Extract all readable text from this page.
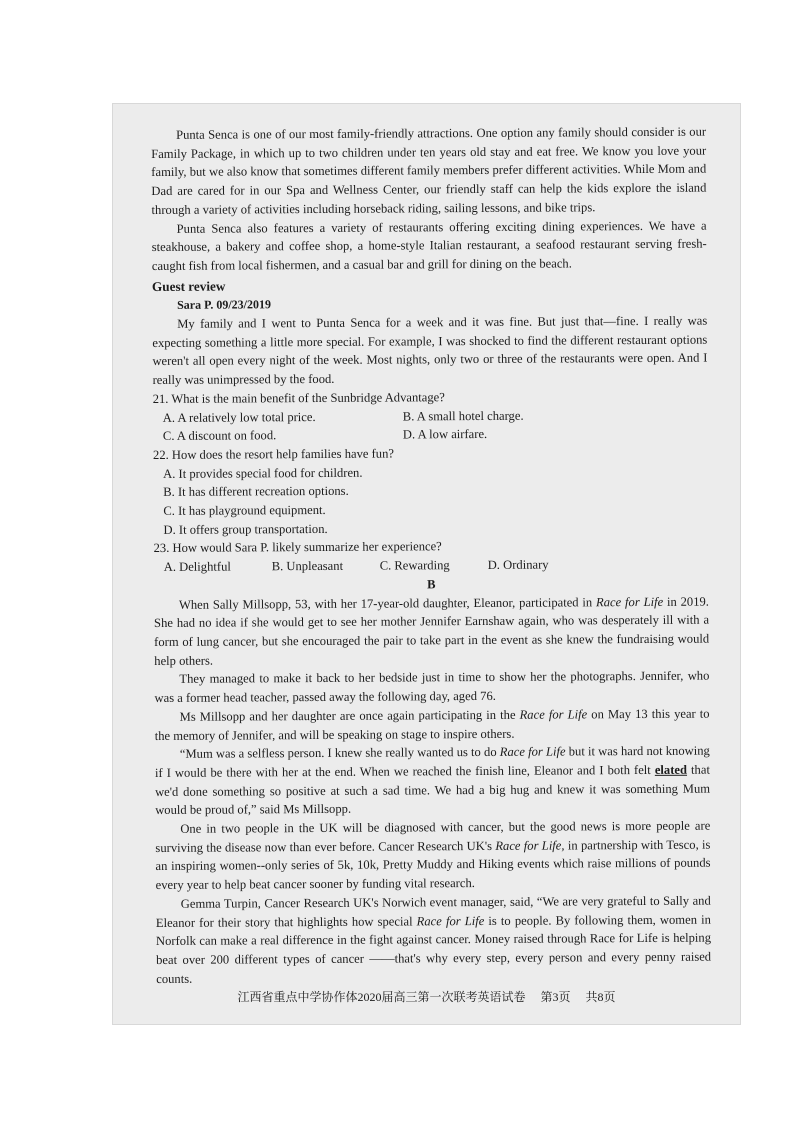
Punta Senca is one of our most family-friendly attractions. One option any family should consider is our Family Package, in which up to two children under ten years old stay and eat free. We know you love your family, but we also know that sometimes different family members prefer different activities. While Mom and Dad are cared for in our Spa and Wellness Center, our friendly staff can help the kids explore the island through a variety of activities including horseback riding, sailing lessons, and bike trips.

Punta Senca also features a variety of restaurants offering exciting dining experiences. We have a steakhouse, a bakery and coffee shop, a home-style Italian restaurant, a seafood restaurant serving fresh-caught fish from local fishermen, and a casual bar and grill for dining on the beach.

Guest review

Sara P. 09/23/2019

My family and I went to Punta Senca for a week and it was fine. But just that—fine. I really was expecting something a little more special. For example, I was shocked to find the different restaurant options weren't all open every night of the week. Most nights, only two or three of the restaurants were open. And I really was unimpressed by the food.

21. What is the main benefit of the Sunbridge Advantage?

A. A relatively low total price.	B. A small hotel charge.
C. A discount on food.	D. A low airfare.

22. How does the resort help families have fun?

A. It provides special food for children.

B. It has different recreation options.

C. It has playground equipment.

D. It offers group transportation.

23. How would Sara P. likely summarize her experience?

A. Delightful	B. Unpleasant	C. Rewarding	D. Ordinary

B

When Sally Millsopp, 53, with her 17-year-old daughter, Eleanor, participated in Race for Life in 2019. She had no idea if she would get to see her mother Jennifer Earnshaw again, who was desperately ill with a form of lung cancer, but she encouraged the pair to take part in the event as she knew the fundraising would help others.

They managed to make it back to her bedside just in time to show her the photographs. Jennifer, who was a former head teacher, passed away the following day, aged 76.

Ms Millsopp and her daughter are once again participating in the Race for Life on May 13 this year to the memory of Jennifer, and will be speaking on stage to inspire others.

“Mum was a selfless person. I knew she really wanted us to do Race for Life but it was hard not knowing if I would be there with her at the end. When we reached the finish line, Eleanor and I both felt elated that we'd done something so positive at such a sad time. We had a big hug and knew it was something Mum would be proud of,” said Ms Millsopp.

One in two people in the UK will be diagnosed with cancer, but the good news is more people are surviving the disease now than ever before. Cancer Research UK's Race for Life, in partnership with Tesco, is an inspiring women--only series of 5k, 10k, Pretty Muddy and Hiking events which raise millions of pounds every year to help beat cancer sooner by funding vital research.

Gemma Turpin, Cancer Research UK's Norwich event manager, said, “We are very grateful to Sally and Eleanor for their story that highlights how special Race for Life is to people. By following them, women in Norfolk can make a real difference in the fight against cancer. Money raised through Race for Life is helping beat over 200 different types of cancer ——that's why every step, every person and every penny raised counts.

江西省重点中学协作体2020届高三第一次联考英语试卷 第3页 共8页
